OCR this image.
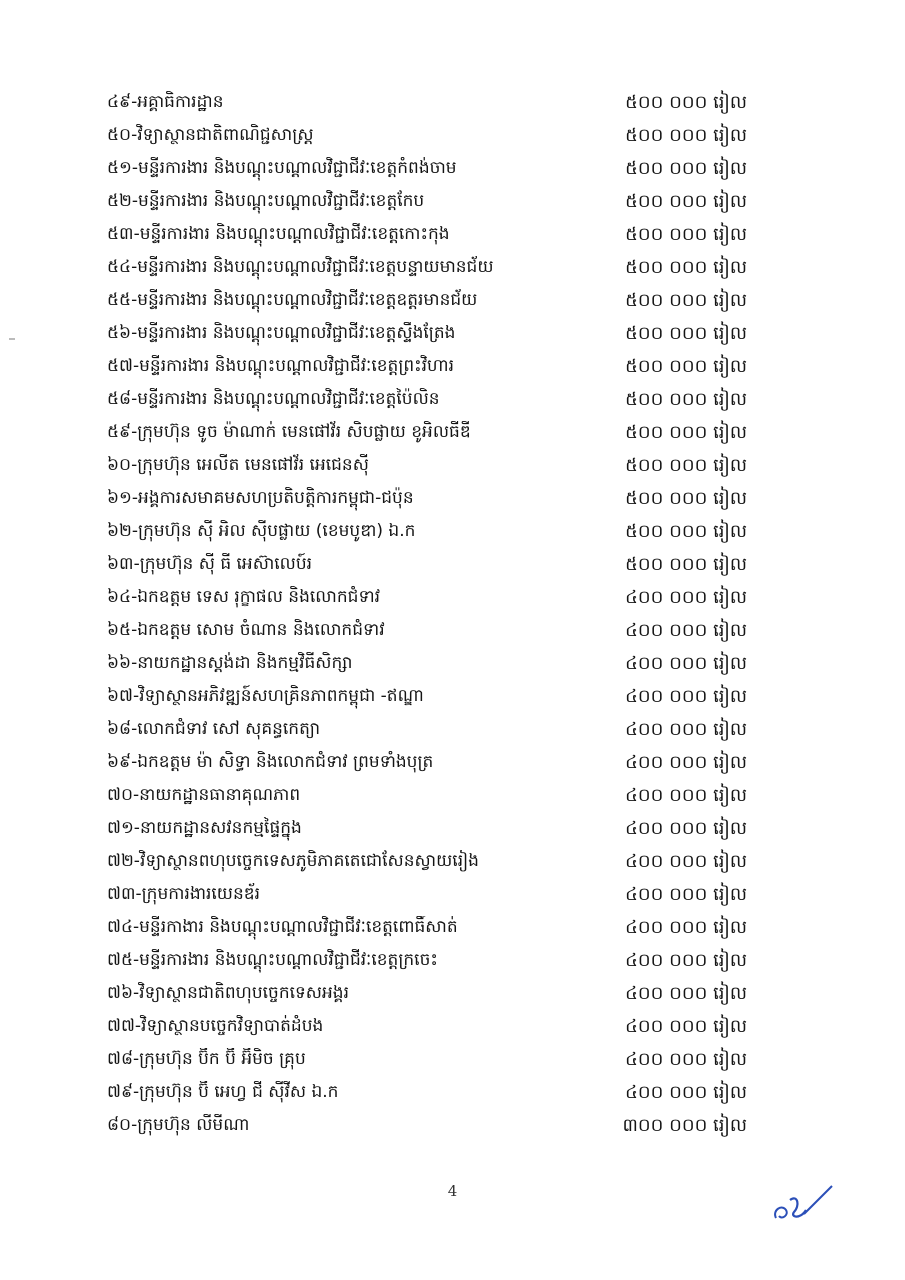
៤៩-អគ្គាធិការដ្ឋាន	៥០០ ០០០ រៀល
៥០-វិទ្យាស្ថានជាតិពាណិជ្ជសាស្ត្រ	៥០០ ០០០ រៀល
៥១-មន្ទីរការងារ និងបណ្តុះបណ្តាលវិជ្ជាជីវៈខេត្តកំពង់ចាម	៥០០ ០០០ រៀល
៥២-មន្ទីរការងារ និងបណ្តុះបណ្តាលវិជ្ជាជីវៈខេត្តកែប	៥០០ ០០០ រៀល
៥៣-មន្ទីរការងារ និងបណ្តុះបណ្តាលវិជ្ជាជីវៈខេត្តកោះកុង	៥០០ ០០០ រៀល
៥៤-មន្ទីរការងារ និងបណ្តុះបណ្តាលវិជ្ជាជីវៈខេត្តបន្ទាយមានជ័យ	៥០០ ០០០ រៀល
៥៥-មន្ទីរការងារ និងបណ្តុះបណ្តាលវិជ្ជាជីវៈខេត្តឧត្តរមានជ័យ	៥០០ ០០០ រៀល
៥៦-មន្ទីរការងារ និងបណ្តុះបណ្តាលវិជ្ជាជីវៈខេត្តស្ទឹងត្រែង	៥០០ ០០០ រៀល
៥៧-មន្ទីរការងារ និងបណ្តុះបណ្តាលវិជ្ជាជីវៈខេត្តព្រះវិហារ	៥០០ ០០០ រៀល
៥៨-មន្ទីរការងារ និងបណ្តុះបណ្តាលវិជ្ជាជីវៈខេត្តប៉ៃលិន	៥០០ ០០០ រៀល
៥៩-ក្រុមហ៊ុន ទូច ម៉ាណាក់ មេនផៅវ័រ សិបផ្លាយ ខូអិលធីឌី	៥០០ ០០០ រៀល
៦០-ក្រុមហ៊ុន អេលីត មេនផៅវ័រ អេជេនស៊ី	៥០០ ០០០ រៀល
៦១-អង្គការសមាគមសហប្រតិបត្តិការកម្ពុជា-ជប៉ុន	៥០០ ០០០ រៀល
៦២-ក្រុមហ៊ុន ស៊ី អិល ស៊ីបផ្លាយ (ខេមបូឌា) ឯ.ក	៥០០ ០០០ រៀល
៦៣-ក្រុមហ៊ុន ស៊ី ធី អេស៊ាលេប៍រ	៥០០ ០០០ រៀល
៦៤-ឯកឧត្តម ទេស រុក្ខាផល និងលោកជំទាវ	៤០០ ០០០ រៀល
៦៥-ឯកឧត្តម សោម ចំណាន និងលោកជំទាវ	៤០០ ០០០ រៀល
៦៦-នាយកដ្ឋានស្តង់ដា និងកម្មវិធីសិក្សា	៤០០ ០០០ រៀល
៦៧-វិទ្យាស្ថានអភិវឌ្ឍន៍សហគ្រិនភាពកម្ពុជា -ឥណ្ឌា	៤០០ ០០០ រៀល
៦៨-លោកជំទាវ សៅ សុគន្ធកេត្យា	៤០០ ០០០ រៀល
៦៩-ឯកឧត្តម ម៉ា សិទ្ធា និងលោកជំទាវ ព្រមទាំងបុត្រ	៤០០ ០០០ រៀល
៧០-នាយកដ្ឋានធានាគុណភាព	៤០០ ០០០ រៀល
៧១-នាយកដ្ឋានសវនកម្មផ្ទៃក្នុង	៤០០ ០០០ រៀល
៧២-វិទ្យាស្ថានពហុបច្ចេកទេសភូមិភាគតេជោសែនស្វាយរៀង	៤០០ ០០០ រៀល
៧៣-ក្រុមការងារយេនឌ័រ	៤០០ ០០០ រៀល
៧៤-មន្ទីរកាងារ និងបណ្តុះបណ្តាលវិជ្ជាជីវៈខេត្តពោធិ៍សាត់	៤០០ ០០០ រៀល
៧៥-មន្ទីរការងារ និងបណ្តុះបណ្តាលវិជ្ជាជីវៈខេត្តក្រចេះ	៤០០ ០០០ រៀល
៧៦-វិទ្យាស្ថានជាតិពហុបច្ចេកទេសអង្គរ	៤០០ ០០០ រៀល
៧៧-វិទ្យាស្ថានបច្ចេកវិទ្យាបាត់ដំបង	៤០០ ០០០ រៀល
៧៨-ក្រុមហ៊ុន ប៊ីក ប៊ី អ៊ីមិច គ្រុប	៤០០ ០០០ រៀល
៧៩-ក្រុមហ៊ុន ប៊ី អេហ្វ ជី ស៊ីវីស ឯ.ក	៤០០ ០០០ រៀល
៨០-ក្រុមហ៊ុន លីមីណា	៣០០ ០០០ រៀល
4
